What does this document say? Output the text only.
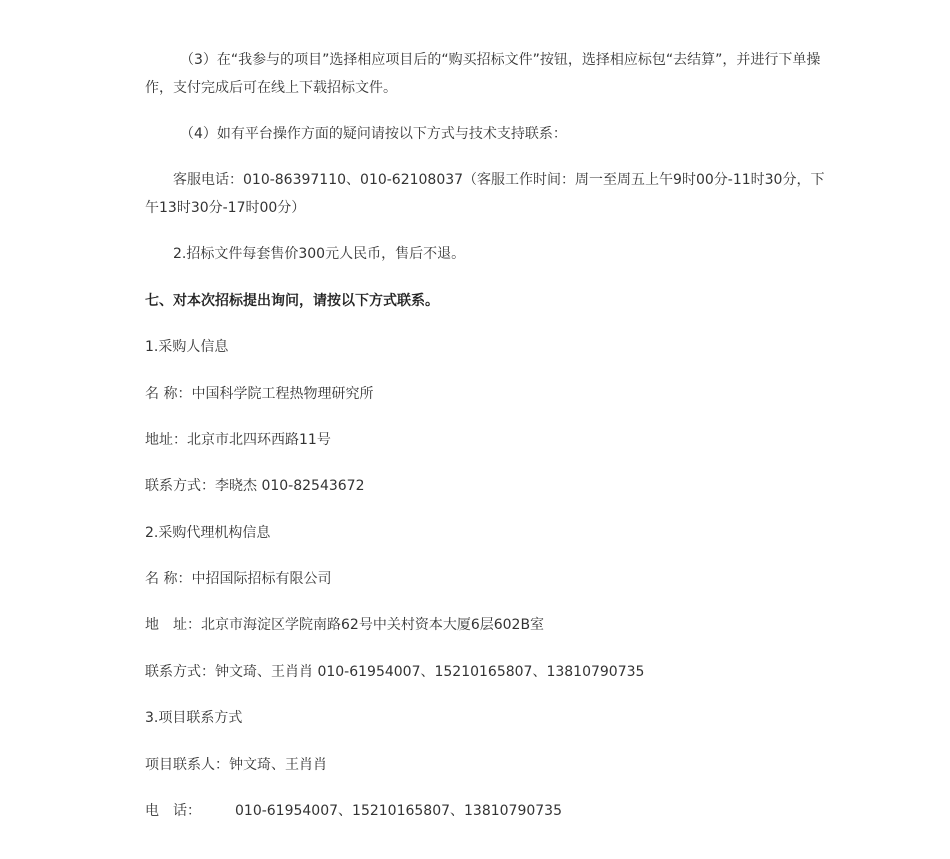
（3）在“我参与的项目”选择相应项目后的“购买招标文件”按钮，选择相应标包“去结算”，并进行下单操作，支付完成后可在线上下载招标文件。

（4）如有平台操作方面的疑问请按以下方式与技术支持联系：

客服电话：010-86397110、010-62108037（客服工作时间：周一至周五上午9时00分-11时30分，下午13时30分-17时00分）

2.招标文件每套售价300元人民币，售后不退。

七、对本次招标提出询问，请按以下方式联系。

1.采购人信息

名 称：中国科学院工程热物理研究所

地址：北京市北四环西路11号

联系方式：李晓杰 010-82543672

2.采购代理机构信息

名 称：中招国际招标有限公司

地　址：北京市海淀区学院南路62号中关村资本大厦6层602B室

联系方式：钟文琦、王肖肖 010-61954007、15210165807、13810790735

3.项目联系方式

项目联系人：钟文琦、王肖肖

电　话： 010-61954007、15210165807、13810790735
